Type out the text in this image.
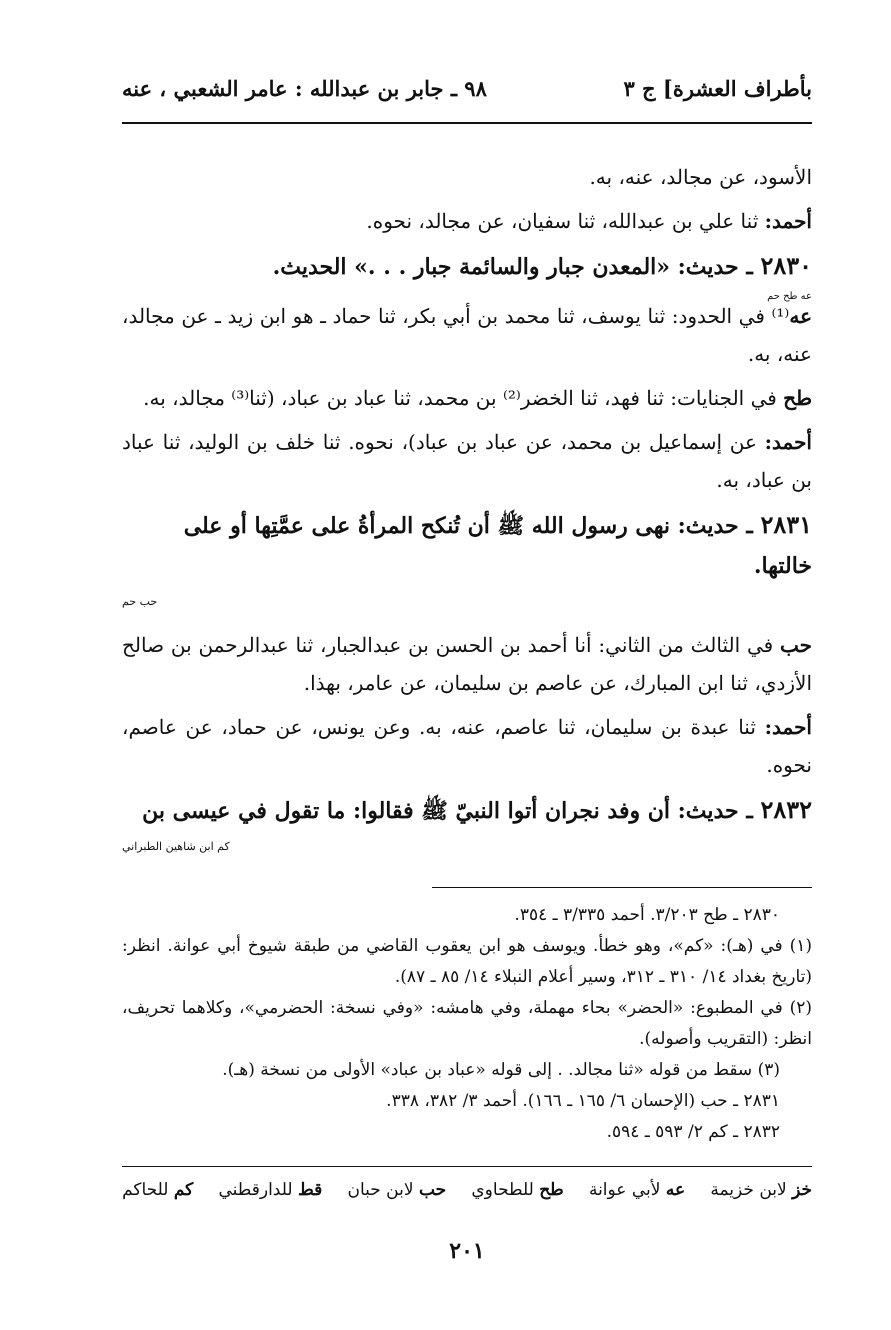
بأطراف العشرة] ج ٣
٩٨ ـ جابر بن عبدالله : عامر الشعبي ، عنه
الأسود، عن مجالد، عنه، به.
أحمد: ثنا علي بن عبدالله، ثنا سفيان، عن مجالد، نحوه.
٢٨٣٠ ـ حديث: «المعدن جبار والسائمة جبار . . .» الحديث.
عه طح حم
عه⁽¹⁾ في الحدود: ثنا يوسف، ثنا محمد بن أبي بكر، ثنا حماد ـ هو ابن زيد ـ عن مجالد، عنه، به.
طح في الجنايات: ثنا فهد، ثنا الخضر⁽²⁾ بن محمد، ثنا عباد بن عباد، (ثنا⁽³⁾ مجالد، به.
أحمد: عن إسماعيل بن محمد، عن عباد بن عباد)، نحوه. ثنا خلف بن الوليد، ثنا عباد بن عباد، به.
٢٨٣١ ـ حديث: نهى رسول الله ﷺ أن تُنكح المرأةُ على عمَّتِها أو على خالتها.
حب حم
حب في الثالث من الثاني: أنا أحمد بن الحسن بن عبدالجبار، ثنا عبدالرحمن بن صالح الأزدي، ثنا ابن المبارك، عن عاصم بن سليمان، عن عامر، بهذا.
أحمد: ثنا عبدة بن سليمان، ثنا عاصم، عنه، به. وعن يونس، عن حماد، عن عاصم، نحوه.
٢٨٣٢ ـ حديث: أن وفد نجران أتوا النبيّ ﷺ فقالوا: ما تقول في عيسى بن
كم ابن شاهين الطبراني

٢٨٣٠ ـ طح ٣/٢٠٣. أحمد ٣/٣٣٥ ـ ٣٥٤.

(١) في (هـ): «كم»، وهو خطأ. ويوسف هو ابن يعقوب القاضي من طبقة شيوخ أبي عوانة. انظر: (تاريخ بغداد ١٤/ ٣١٠ ـ ٣١٢، وسير أعلام النبلاء ١٤/ ٨٥ ـ ٨٧).

(٢) في المطبوع: «الحضر» بحاء مهملة، وفي هامشه: «وفي نسخة: الحضرمي»، وكلاهما تحريف، انظر: (التقريب وأصوله).

(٣) سقط من قوله «ثنا مجالد. . إلى قوله «عباد بن عباد» الأولى من نسخة (هـ).

٢٨٣١ ـ حب (الإحسان ٦/ ١٦٥ ـ ١٦٦). أحمد ٣/ ٣٨٢، ٣٣٨.

٢٨٣٢ ـ كم ٢/ ٥٩٣ ـ ٥٩٤.

خز لابن خزيمة
عه لأبي عوانة
طح للطحاوي
حب لابن حبان
قط للدارقطني
كم للحاكم
٢٠١
